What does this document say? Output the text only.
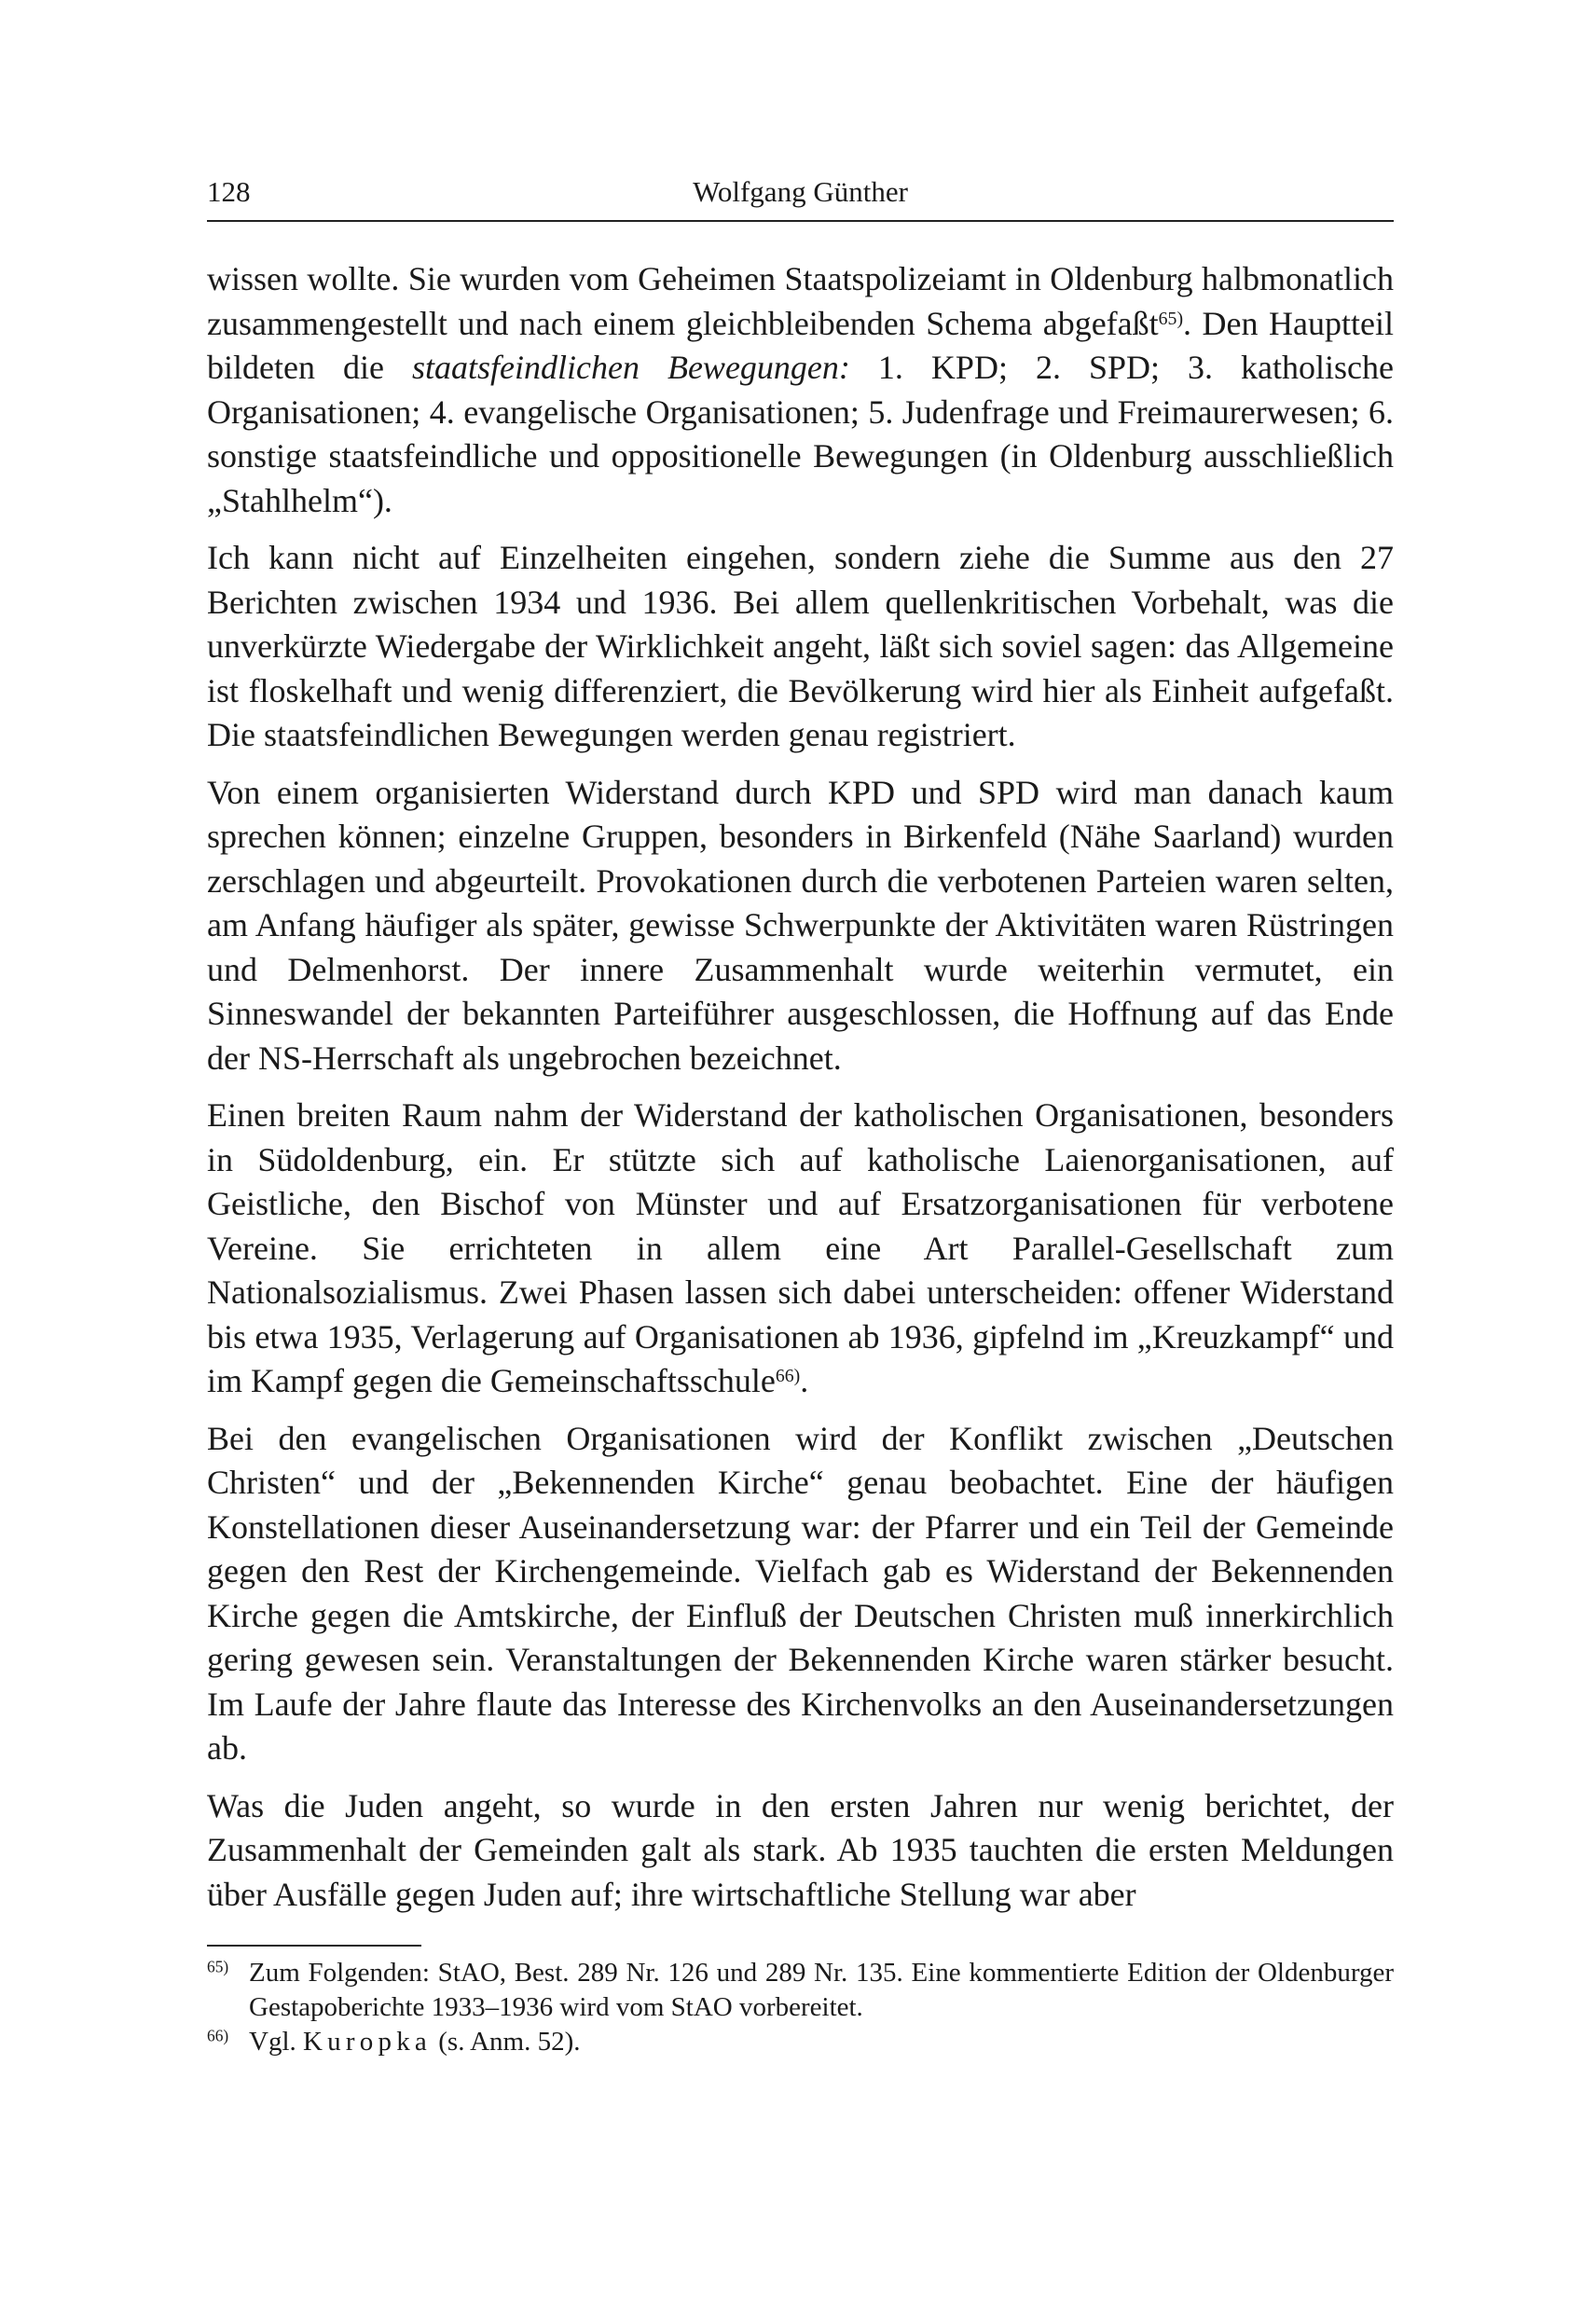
128	Wolfgang Günther

wissen wollte. Sie wurden vom Geheimen Staatspolizeiamt in Oldenburg halbmonatlich zusammengestellt und nach einem gleichbleibenden Schema abgefaßt$^{65)}$. Den Hauptteil bildeten die staatsfeindlichen Bewegungen: 1. KPD; 2. SPD; 3. katholische Organisationen; 4. evangelische Organisationen; 5. Judenfrage und Freimaurerwesen; 6. sonstige staatsfeindliche und oppositionelle Bewegungen (in Oldenburg ausschließlich „Stahlhelm“).

Ich kann nicht auf Einzelheiten eingehen, sondern ziehe die Summe aus den 27 Berichten zwischen 1934 und 1936. Bei allem quellenkritischen Vorbehalt, was die unverkürzte Wiedergabe der Wirklichkeit angeht, läßt sich soviel sagen: das Allgemeine ist floskelhaft und wenig differenziert, die Bevölkerung wird hier als Einheit aufgefaßt. Die staatsfeindlichen Bewegungen werden genau registriert.

Von einem organisierten Widerstand durch KPD und SPD wird man danach kaum sprechen können; einzelne Gruppen, besonders in Birkenfeld (Nähe Saarland) wurden zerschlagen und abgeurteilt. Provokationen durch die verbotenen Parteien waren selten, am Anfang häufiger als später, gewisse Schwerpunkte der Aktivitäten waren Rüstringen und Delmenhorst. Der innere Zusammenhalt wurde weiterhin vermutet, ein Sinneswandel der bekannten Parteiführer ausgeschlossen, die Hoffnung auf das Ende der NS-Herrschaft als ungebrochen bezeichnet.

Einen breiten Raum nahm der Widerstand der katholischen Organisationen, besonders in Südoldenburg, ein. Er stützte sich auf katholische Laienorganisationen, auf Geistliche, den Bischof von Münster und auf Ersatzorganisationen für verbotene Vereine. Sie errichteten in allem eine Art Parallel-Gesellschaft zum Nationalsozialismus. Zwei Phasen lassen sich dabei unterscheiden: offener Widerstand bis etwa 1935, Verlagerung auf Organisationen ab 1936, gipfelnd im „Kreuzkampf“ und im Kampf gegen die Gemeinschaftsschule$^{66)}$.

Bei den evangelischen Organisationen wird der Konflikt zwischen „Deutschen Christen“ und der „Bekennenden Kirche“ genau beobachtet. Eine der häufigen Konstellationen dieser Auseinandersetzung war: der Pfarrer und ein Teil der Gemeinde gegen den Rest der Kirchengemeinde. Vielfach gab es Widerstand der Bekennenden Kirche gegen die Amtskirche, der Einfluß der Deutschen Christen muß innerkirchlich gering gewesen sein. Veranstaltungen der Bekennenden Kirche waren stärker besucht. Im Laufe der Jahre flaute das Interesse des Kirchenvolks an den Auseinandersetzungen ab.

Was die Juden angeht, so wurde in den ersten Jahren nur wenig berichtet, der Zusammenhalt der Gemeinden galt als stark. Ab 1935 tauchten die ersten Meldungen über Ausfälle gegen Juden auf; ihre wirtschaftliche Stellung war aber

$^{65)}$ Zum Folgenden: StAO, Best. 289 Nr. 126 und 289 Nr. 135. Eine kommentierte Edition der Oldenburger Gestapoberichte 1933–1936 wird vom StAO vorbereitet.
$^{66)}$ Vgl. Kuropka (s. Anm. 52).
